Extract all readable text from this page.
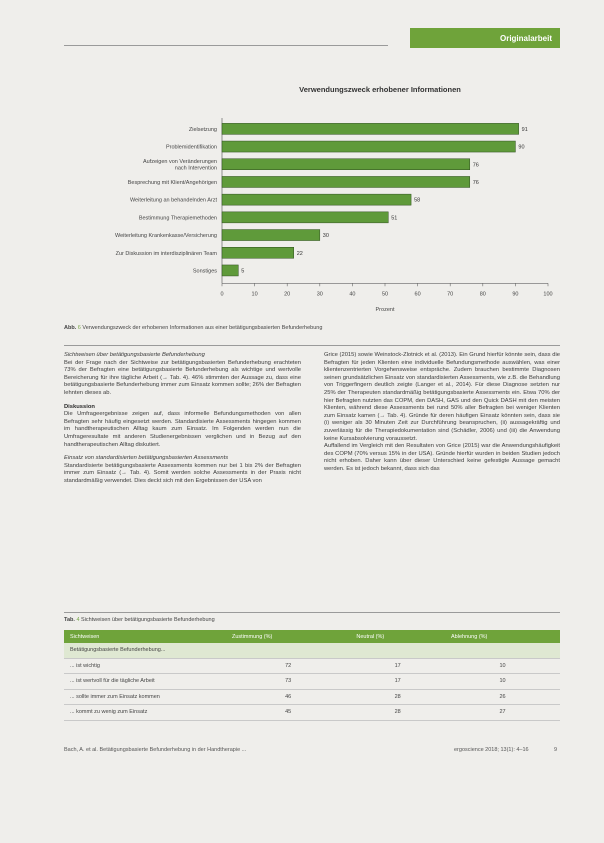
Originalarbeit
Verwendungszweck erhobener Informationen
91
Zielsetzung
90
Problemidentifikation
76
Aufzeigen von Veränderungen
nach Intervention
76
Besprechung mit Klient/Angehörigen
58
Weiterleitung an behandelnden Arzt
51
Bestimmung Therapiemethoden
30
Weiterleitung Krankenkasse/Versicherung
22
Zur Diskussion im interdisziplinären Team
5
Sonstiges
0	10	20	30	40	50	60	70	80	90	100
Prozent
Abb. 6 Verwendungszweck der erhobenen Informationen aus einer betätigungsbasierten Befunderhebung

Sichtweisen über betätigungsbasierte Befunderhebung

Bei der Frage nach der Sichtweise zur betätigungsbasierten Befunderhebung erachteten 73% der Befragten eine betätigungsbasierte Befunderhebung als wichtige und wertvolle Bereicherung für ihre tägliche Arbeit (→ Tab. 4). 46% stimmten der Aussage zu, dass eine betätigungsbasierte Befunderhebung immer zum Einsatz kommen sollte; 26% der Befragten lehnten dieses ab.

Diskussion

Die Umfrageergebnisse zeigen auf, dass informelle Befundungsmethoden von allen Befragten sehr häufig eingesetzt werden. Standardisierte Assessments hingegen kommen im handtherapeutischen Alltag kaum zum Einsatz. Im Folgenden werden nun die Umfrageresultate mit anderen Studienergebnissen verglichen und in Bezug auf den handtherapeutischen Alltag diskutiert.

Einsatz von standardisierten betätigungsbasierten Assessments

Standardisierte betätigungsbasierte Assessments kommen nur bei 1 bis 2% der Befragten immer zum Einsatz (→ Tab. 4). Somit werden solche Assessments in der Praxis nicht standardmäßig verwendet. Dies deckt sich mit den Ergebnissen der USA von

Grice (2015) sowie Weinstock-Zlotnick et al. (2013). Ein Grund hierfür könnte sein, dass die Befragten für jeden Klienten eine individuelle Befundungsmethode auswählen, was einer klientenzentrierten Vorgehensweise entspräche. Zudem brauchen bestimmte Diagnosen seinen grundsätzlichen Einsatz von standardisierten Assessments, wie z.B. die Behandlung von Triggerfingern deutlich zeigte (Langer et al., 2014). Für diese Diagnose setzten nur 25% der Therapeuten standardmäßig betätigungsbasierte Assessments ein. Etwa 70% der hier Befragten nutzten das COPM, den DASH, GAS und den Quick DASH mit den meisten Klienten, während diese Assessments bei rund 50% aller Befragten bei weniger Klienten zum Einsatz kamen (→ Tab. 4). Gründe für deren häufigen Einsatz könnten sein, dass sie (i) weniger als 30 Minuten Zeit zur Durchführung beanspruchen, (ii) aussagekräftig und zuverlässig für die Therapiedokumentation sind (Schädler, 2006) und (iii) die Anwendung keine Kursabsolvierung voraussetzt.

Auffallend im Vergleich mit den Resultaten von Grice (2015) war die Anwendungshäufigkeit des COPM (70% versus 15% in der USA). Gründe hierfür wurden in beiden Studien jedoch nicht erhoben. Daher kann über dieser Unterschied keine gefestigte Aussage gemacht werden. Es ist jedoch bekannt, dass sich das

Tab. 4 Sichtweisen über betätigungsbasierte Befunderhebung
Sichtweisen	Zustimmung (%)	Neutral (%)	Ablehnung (%)
Betätigungsbasierte Befunderhebung...			
... ist wichtig	72	17	10
... ist wertvoll für die tägliche Arbeit	73	17	10
... sollte immer zum Einsatz kommen	46	28	26
... kommt zu wenig zum Einsatz	45	28	27
Bach, A. et al. Betätigungsbasierte Befunderhebung in der Handtherapie ...	ergoscience 2018; 13(1): 4–16	9
